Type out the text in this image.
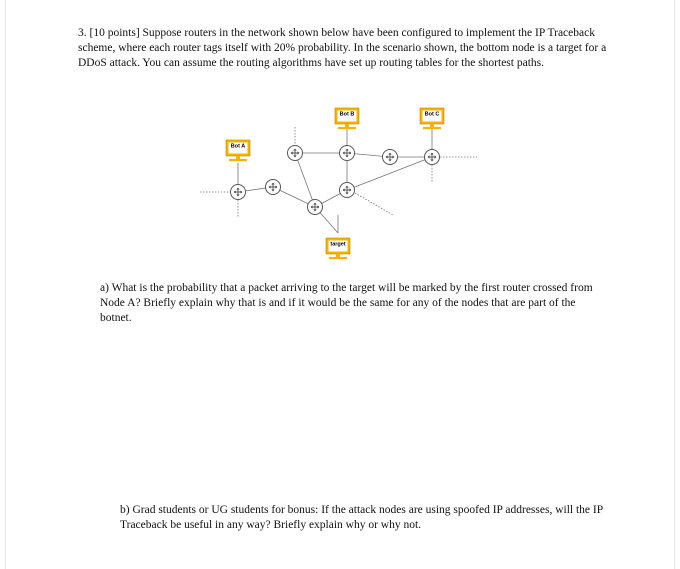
3. [10 points] Suppose routers in the network shown below have been configured to implement the IP Traceback scheme, where each router tags itself with 20% probability. In the scenario shown, the bottom node is a target for a DDoS attack. You can assume the routing algorithms have set up routing tables for the shortest paths.

Bot A
Bot B	Bot C
target

a) What is the probability that a packet arriving to the target will be marked by the first router crossed from Node A? Briefly explain why that is and if it would be the same for any of the nodes that are part of the botnet.

b) Grad students or UG students for bonus: If the attack nodes are using spoofed IP addresses, will the IP Traceback be useful in any way? Briefly explain why or why not.
